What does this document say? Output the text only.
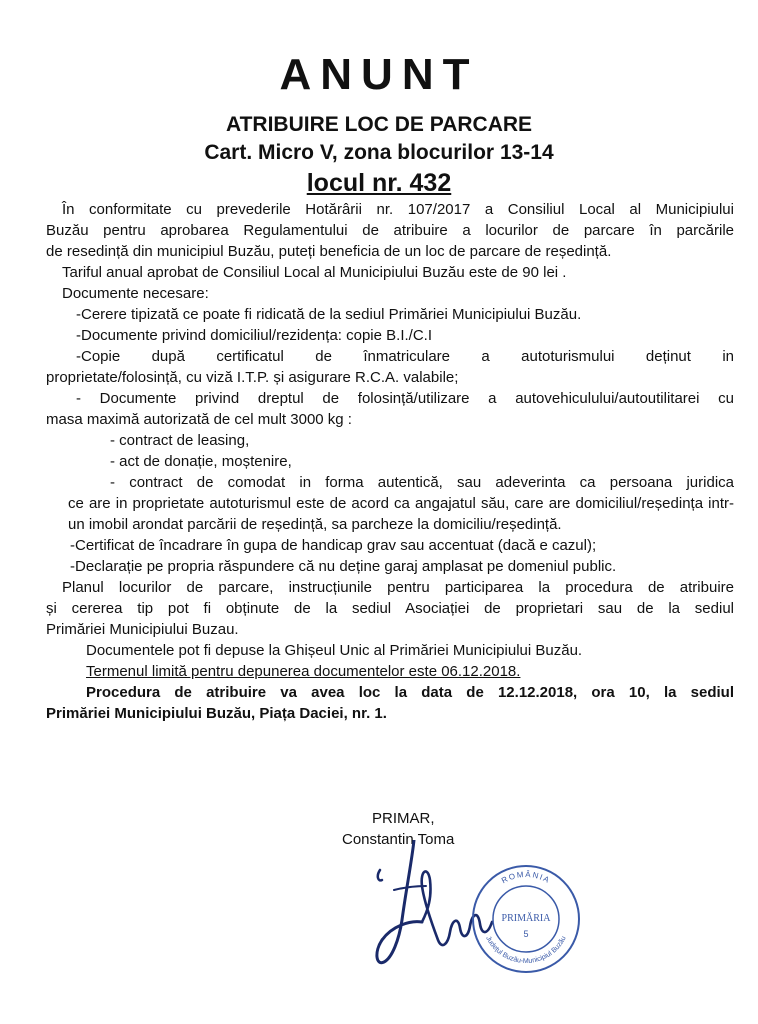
ANUNT
ATRIBUIRE LOC DE PARCARE
Cart. Micro V, zona blocurilor 13-14
locul nr. 432

În conformitate cu prevederile Hotărârii nr. 107/2017 a Consiliul Local al Municipiului

Buzău pentru aprobarea Regulamentului de atribuire a locurilor de parcare în parcările

de resedință din municipiul Buzău, puteți beneficia de un loc de parcare de reședință.

Tariful anual aprobat de Consiliul Local al Municipiului Buzău este de 90 lei .

Documente necesare:

-Cerere tipizată ce poate fi ridicată de la sediul Primăriei Municipiului Buzău.

-Documente privind domiciliul/rezidența: copie B.I./C.I

-Copie după certificatul de înmatriculare a autoturismului deținut in

proprietate/folosință, cu viză I.T.P. și asigurare R.C.A. valabile;

- Documente privind dreptul de folosință/utilizare a autovehiculului/autoutilitarei cu

masa maximă autorizată de cel mult 3000 kg :

- contract de leasing,

- act de donație, moștenire,

- contract de comodat in forma autentică, sau adeverinta ca persoana juridica

ce are in proprietate autoturismul este de acord ca angajatul său, care are domiciliul/reședința intr-un imobil arondat parcării de reședință, sa parcheze la domiciliu/reședință.

-Certificat de încadrare în gupa de handicap grav sau accentuat (dacă e cazul);

-Declarație pe propria răspundere că nu deține garaj amplasat pe domeniul public.

Planul locurilor de parcare, instrucțiunile pentru participarea la procedura de atribuire

și cererea tip pot fi obținute de la sediul Asociației de proprietari sau de la sediul

Primăriei Municipiului Buzau.

Documentele pot fi depuse la Ghișeul Unic al Primăriei Municipiului Buzău.

Termenul limită pentru depunerea documentelor este 06.12.2018.

Procedura de atribuire va avea loc la data de 12.12.2018, ora 10, la sediul

Primăriei Municipiului Buzău, Piața Daciei, nr. 1.

PRIMAR,
Constantin Toma
ROMÂNIA
Județul Buzău-Municipiul Buzău
PRIMĂRIA
5
